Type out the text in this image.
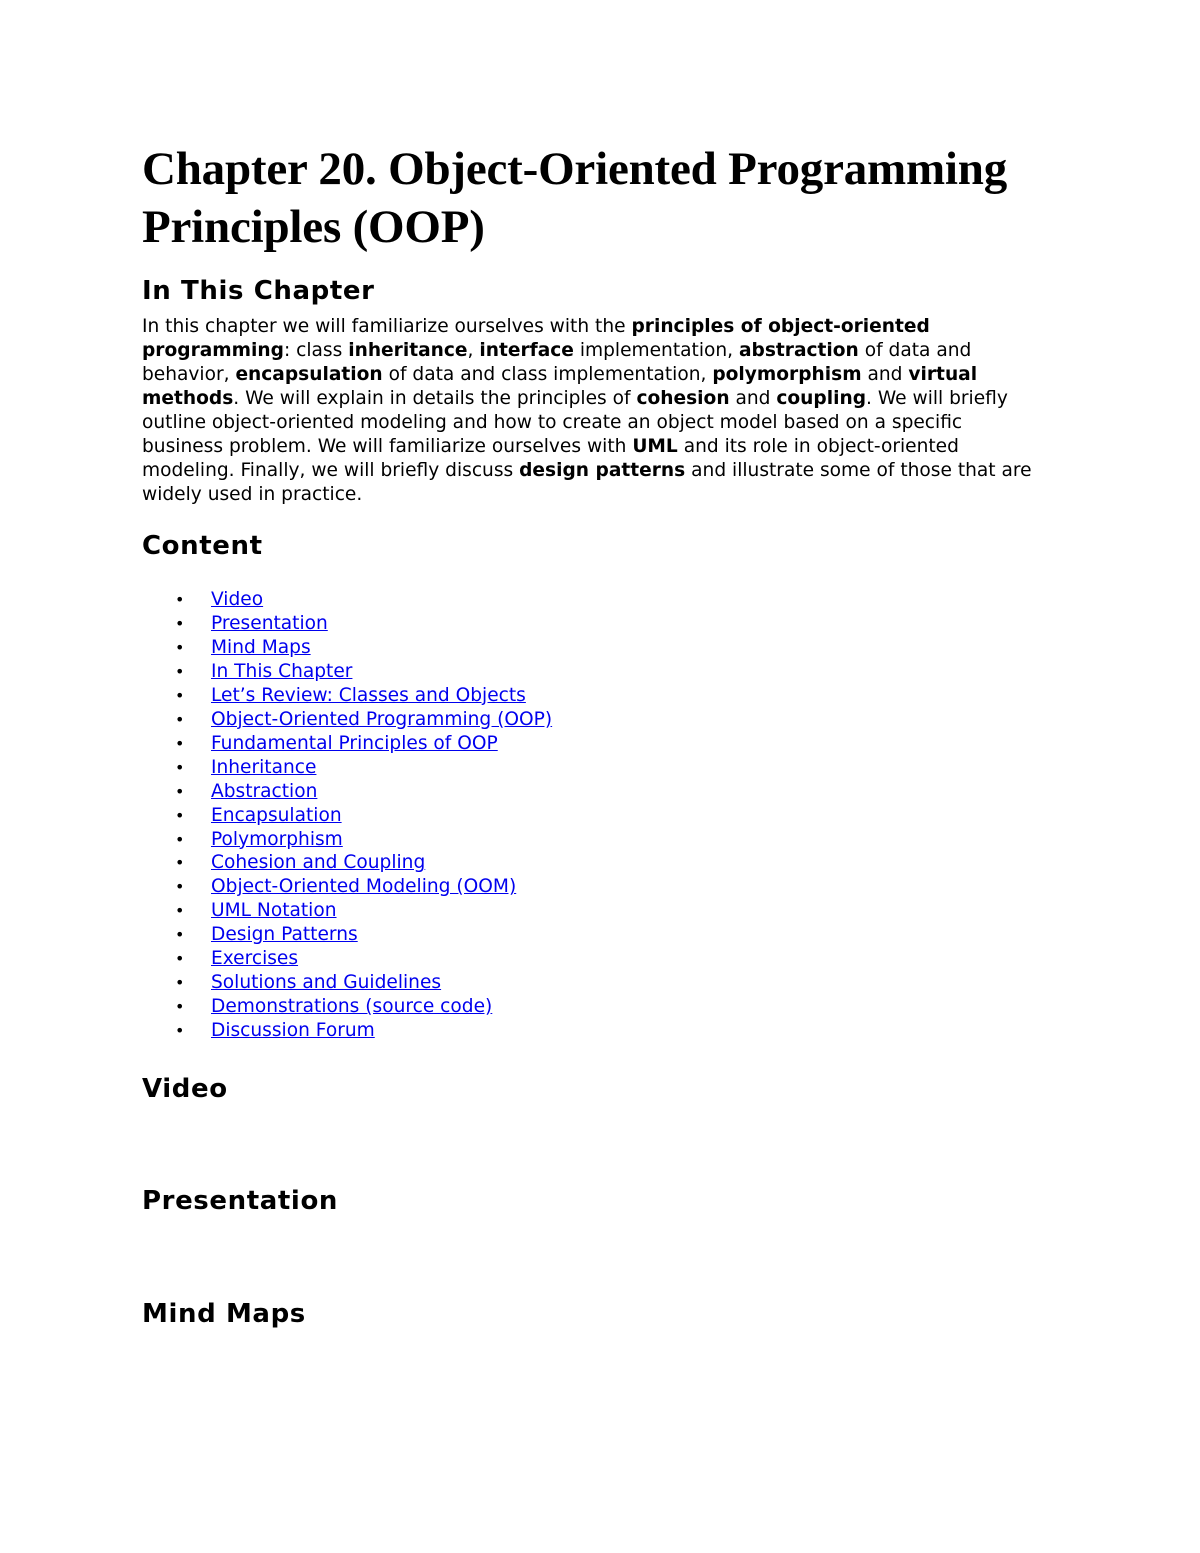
Chapter 20. Object-Oriented Programming Principles (OOP)
In This Chapter

In this chapter we will familiarize ourselves with the principles of object-oriented programming: class inheritance, interface implementation, abstraction of data and behavior, encapsulation of data and class implementation, polymorphism and virtual methods. We will explain in details the principles of cohesion and coupling. We will briefly outline object-oriented modeling and how to create an object model based on a specific business problem. We will familiarize ourselves with UML and its role in object-oriented modeling. Finally, we will briefly discuss design patterns and illustrate some of those that are widely used in practice.

Content
• Video
• Presentation
• Mind Maps
• In This Chapter
• Let’s Review: Classes and Objects
• Object-Oriented Programming (OOP)
• Fundamental Principles of OOP
• Inheritance
• Abstraction
• Encapsulation
• Polymorphism
• Cohesion and Coupling
• Object-Oriented Modeling (OOM)
• UML Notation
• Design Patterns
• Exercises
• Solutions and Guidelines
• Demonstrations (source code)
• Discussion Forum
Video
Presentation
Mind Maps
